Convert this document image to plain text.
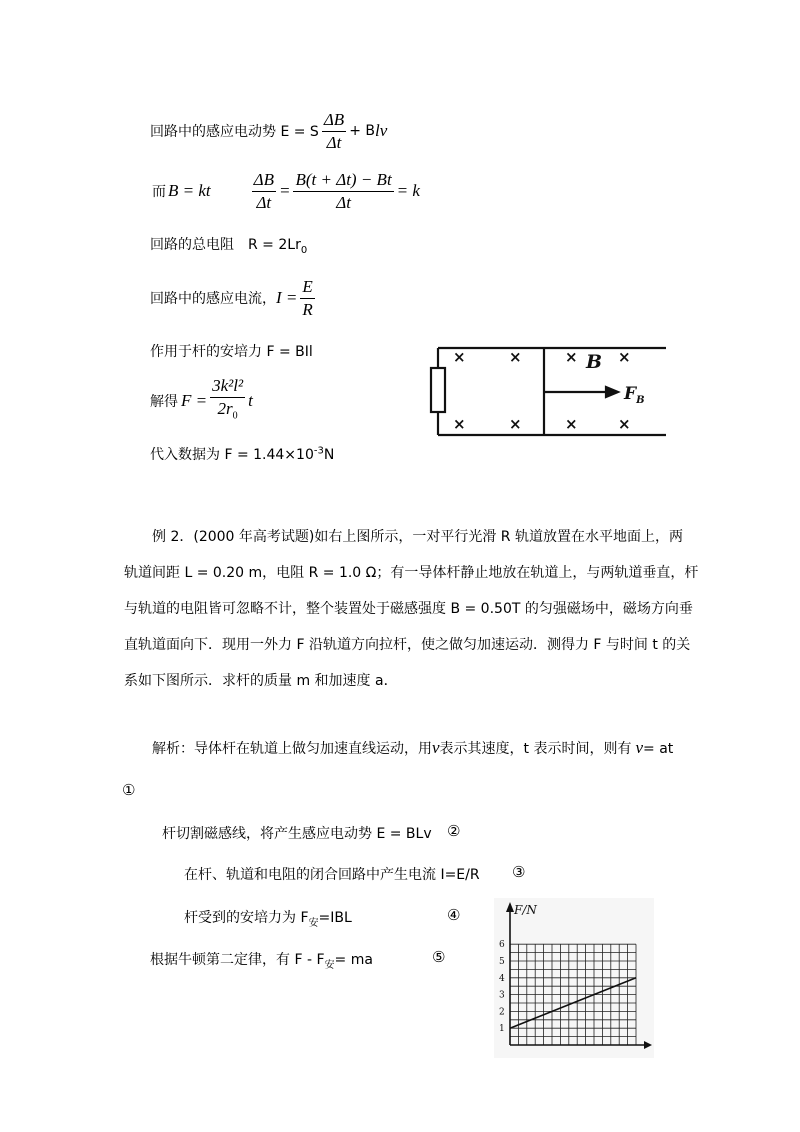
回路中的感应电动势 E = S $\frac{\Delta B}{\Delta t} + B$ l v
而 B = kt $\frac{\Delta B}{\Delta t} = \frac{B(t + \Delta t) - Bt}{\Delta t} = k$
回路的总电阻　$R = 2Lr_0$
回路中的感应电流， $I = \frac{E}{R}$
作用于杆的安培力 F = BIl
解得 $F = \frac{\text{3k²l²}}{2r_0}$ t
代入数据为 $F = 1.44\times 10^{-3}N$
×	×	×	×
×	×	×	×
B
$F_B$
例 2．(2000 年高考试题)如右上图所示，一对平行光滑 R 轨道放置在水平地面上，两
轨道间距 L = 0.20 m，电阻 R = 1.0 Ω；有一导体杆静止地放在轨道上，与两轨道垂直，杆
与轨道的电阻皆可忽略不计，整个装置处于磁感强度 B = 0.50T 的匀强磁场中，磁场方向垂
直轨道面向下．现用一外力 F 沿轨道方向拉杆，使之做匀加速运动．测得力 F 与时间 t 的关
系如下图所示．求杆的质量 m 和加速度 a．
解析：导体杆在轨道上做匀加速直线运动，用v表示其速度，t 表示时间，则有 v= at
①
杆切割磁感线，将产生感应电动势 E = BLv ②
在杆、轨道和电阻的闭合回路中产生电流 I=E/R ③
杆受到的安培力为 $F_安=IBL$	④
根据牛顿第二定律，有 $F - F_安=$ ma	⑤
F/N
1
2
3
4
5
6
